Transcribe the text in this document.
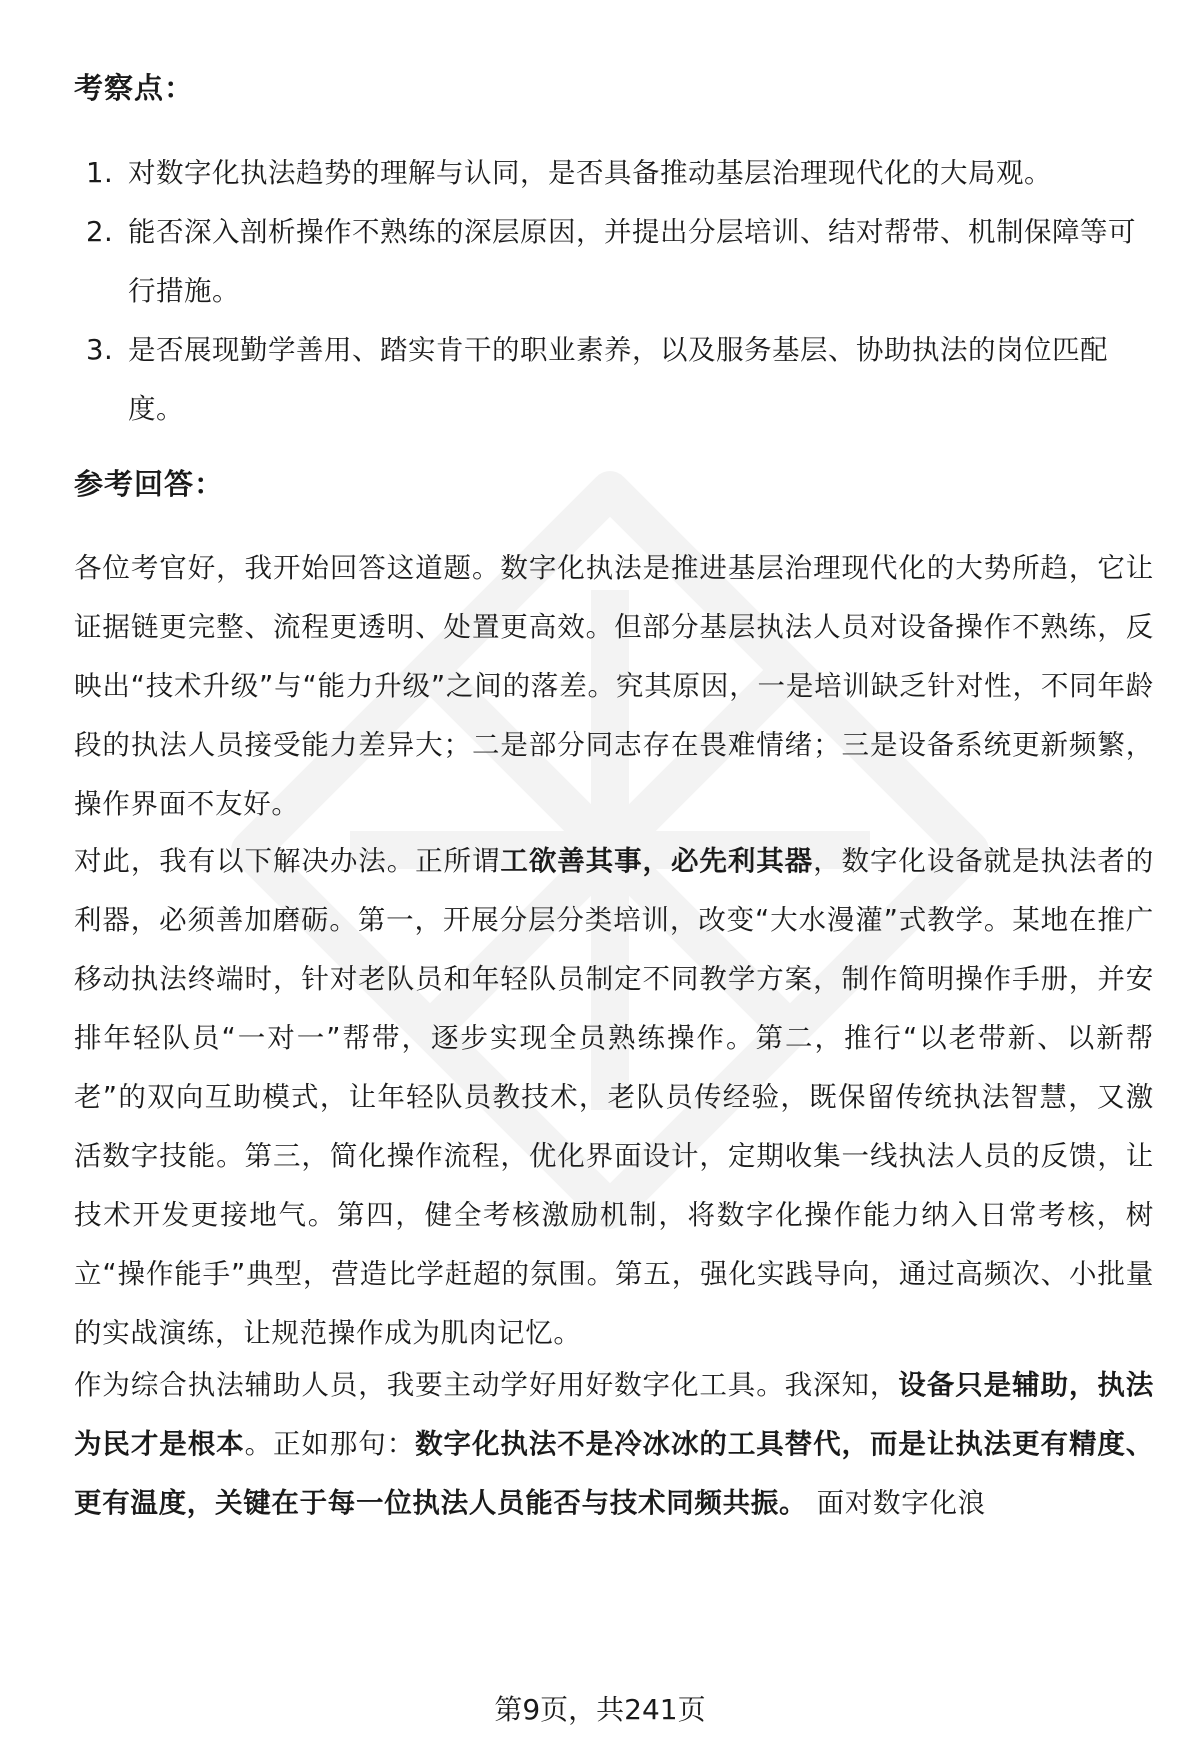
考察点：
1. 对数字化执法趋势的理解与认同，是否具备推动基层治理现代化的大局观。
2. 能否深入剖析操作不熟练的深层原因，并提出分层培训、结对帮带、机制保障等可行措施。
3. 是否展现勤学善用、踏实肯干的职业素养，以及服务基层、协助执法的岗位匹配度。
参考回答：

各位考官好，我开始回答这道题。数字化执法是推进基层治理现代化的大势所趋，它让证据链更完整、流程更透明、处置更高效。但部分基层执法人员对设备操作不熟练，反映出“技术升级”与“能力升级”之间的落差。究其原因，一是培训缺乏针对性，不同年龄段的执法人员接受能力差异大；二是部分同志存在畏难情绪；三是设备系统更新频繁，操作界面不友好。

对此，我有以下解决办法。正所谓工欲善其事，必先利其器，数字化设备就是执法者的利器，必须善加磨砺。第一，开展分层分类培训，改变“大水漫灌”式教学。某地在推广移动执法终端时，针对老队员和年轻队员制定不同教学方案，制作简明操作手册，并安排年轻队员“一对一”帮带，逐步实现全员熟练操作。第二，推行“以老带新、以新帮老”的双向互助模式，让年轻队员教技术，老队员传经验，既保留传统执法智慧，又激活数字技能。第三，简化操作流程，优化界面设计，定期收集一线执法人员的反馈，让技术开发更接地气。第四，健全考核激励机制，将数字化操作能力纳入日常考核，树立“操作能手”典型，营造比学赶超的氛围。第五，强化实践导向，通过高频次、小批量的实战演练，让规范操作成为肌肉记忆。

作为综合执法辅助人员，我要主动学好用好数字化工具。我深知，设备只是辅助，执法为民才是根本。正如那句：数字化执法不是冷冰冰的工具替代，而是让执法更有精度、更有温度，关键在于每一位执法人员能否与技术同频共振。 面对数字化浪

第9页，共241页
